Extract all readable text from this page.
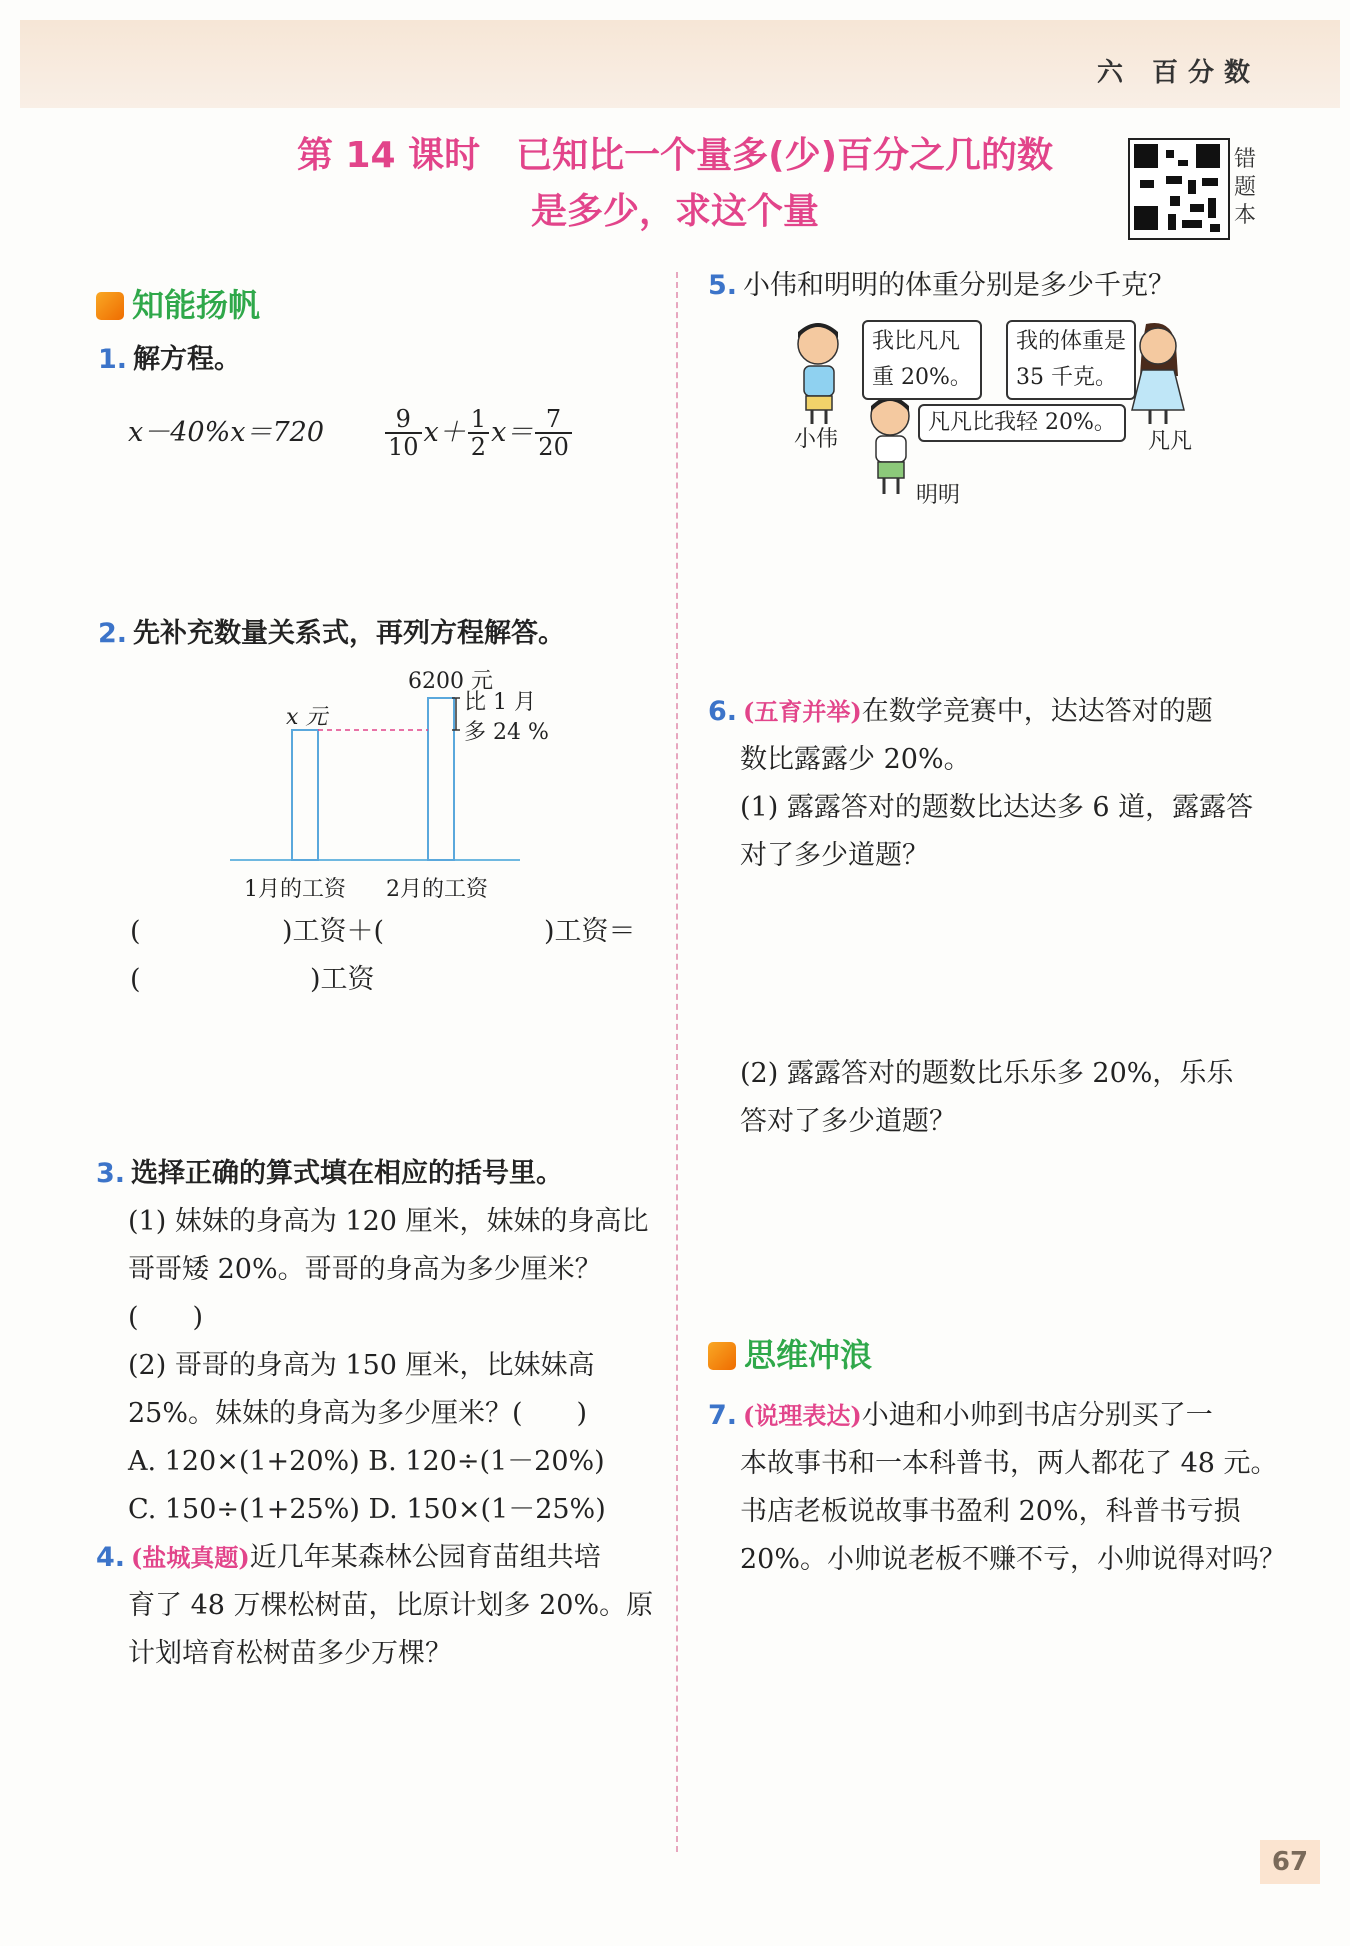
六 百分数
第 14 课时　已知比一个量多(少)百分之几的数
是多少，求这个量
错
题
本
知能扬帆
1. 解方程。
x－40%x＝720	$\frac{9}{10} x+ \frac{1}{2} x= \frac{7}{20}$
2. 先补充数量关系式，再列方程解答。
x 元
6200 元
比 1 月
多 24 %
1月的工资 2月的工资
(	)工资＋(	)工资＝
(	)工资
3. 选择正确的算式填在相应的括号里。
(1) 妹妹的身高为 120 厘米，妹妹的身高比
哥哥矮 20%。哥哥的身高为多少厘米？
(　　)
(2) 哥哥的身高为 150 厘米，比妹妹高
25%。妹妹的身高为多少厘米？(　　)
A. 120×(1+20%) B. 120÷(1－20%)
C. 150÷(1+25%) D. 150×(1－25%)
4. (盐城真题)近几年某森林公园育苗组共培
育了 48 万棵松树苗，比原计划多 20%。原
计划培育松树苗多少万棵？
5. 小伟和明明的体重分别是多少千克？
我比凡凡
重 20%。
我的体重是
35 千克。
凡凡比我轻 20%。
小伟	凡凡
明明
6. (五育并举)在数学竞赛中，达达答对的题
数比露露少 20%。
(1) 露露答对的题数比达达多 6 道，露露答
对了多少道题？
(2) 露露答对的题数比乐乐多 20%，乐乐
答对了多少道题？
思维冲浪
7. (说理表达)小迪和小帅到书店分别买了一
本故事书和一本科普书，两人都花了 48 元。
书店老板说故事书盈利 20%，科普书亏损
20%。小帅说老板不赚不亏，小帅说得对吗？
67
